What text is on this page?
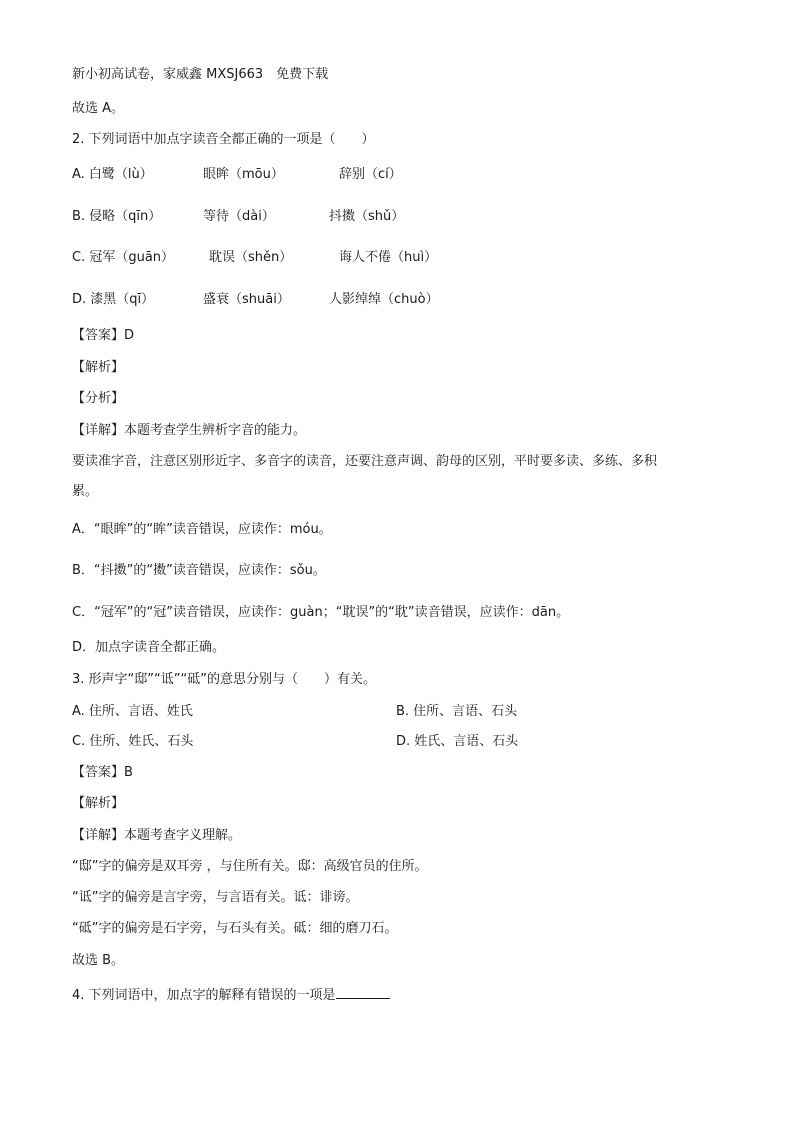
新小初高试卷，家威鑫 MXSJ663　免费下载
故选 A。
2. 下列词语中加点字读音全都正确的一项是（　　）
A. 白鹭（lù）	眼眸（mōu）	辞别（cí）
B. 侵略（qīn）	等待（dài）	抖擞（shǔ）
C. 冠军（guān）	耽误（shěn）	诲人不倦（huì）
D. 漆黑（qī）	盛衰（shuāi）	人影绰绰（chuò）
【答案】D
【解析】
【分析】
【详解】本题考查学生辨析字音的能力。
要读准字音，注意区别形近字、多音字的读音，还要注意声调、韵母的区别，平时要多读、多练、多积
累。
A．“眼眸”的“眸”读音错误，应读作：móu。
B．“抖擞”的“擞”读音错误，应读作：sǒu。
C．“冠军”的“冠”读音错误，应读作：guàn；“耽误”的“耽”读音错误，应读作：dān。
D．加点字读音全都正确。
3. 形声字“邸”“诋”“砥”的意思分别与（　　）有关。
A. 住所、言语、姓氏	B. 住所、言语、石头
C. 住所、姓氏、石头	D. 姓氏、言语、石头
【答案】B
【解析】
【详解】本题考查字义理解。
“邸”字的偏旁是双耳旁 ，与住所有关。邸：高级官员的住所。
“诋”字的偏旁是言字旁，与言语有关。诋：诽谤。
“砥”字的偏旁是石字旁，与石头有关。砥：细的磨刀石。
故选 B。
4. 下列词语中，加点字的解释有错误的一项是
